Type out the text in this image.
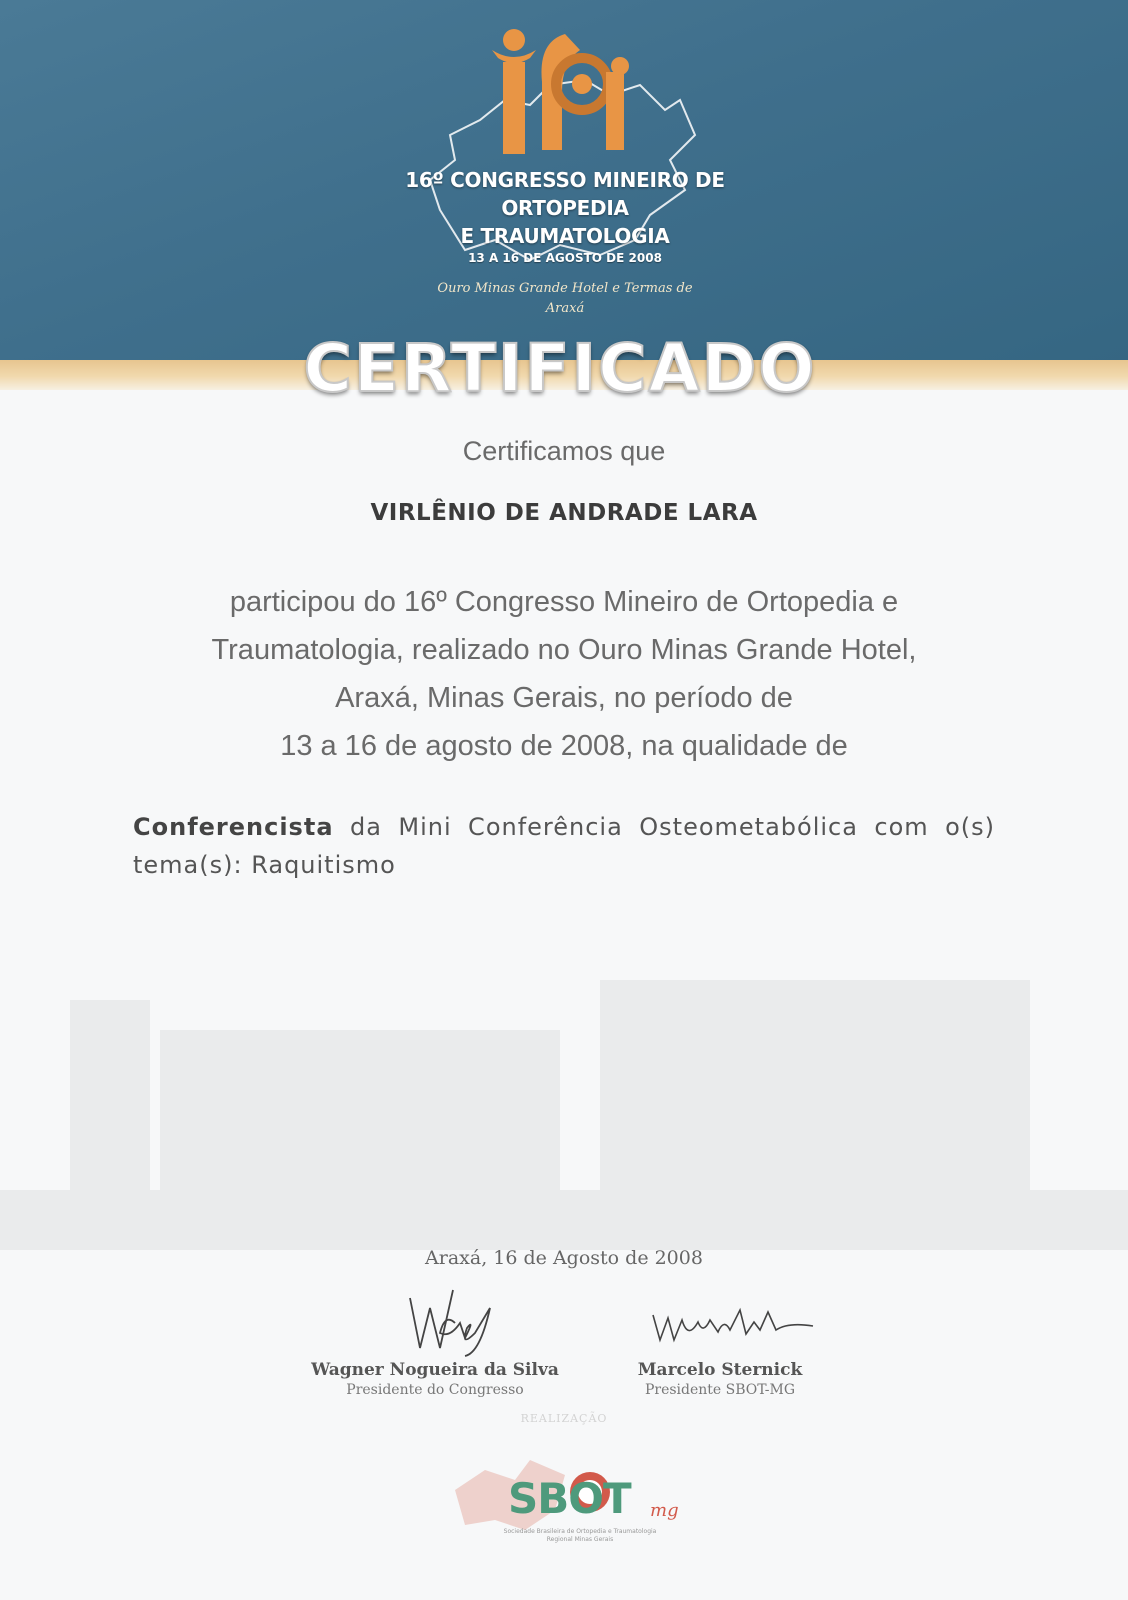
16º CONGRESSO MINEIRO DE
ORTOPEDIA
E TRAUMATOLOGIA
13 A 16 DE AGOSTO DE 2008
Ouro Minas Grande Hotel e Termas de
Araxá
CERTIFICADO
Certificamos que
VIRLÊNIO DE ANDRADE LARA
participou do 16º Congresso Mineiro de Ortopedia e
Traumatologia, realizado no Ouro Minas Grande Hotel,
Araxá, Minas Gerais, no período de
13 a 16 de agosto de 2008, na qualidade de
Conferencista da Mini Conferência Osteometabólica com o(s) tema(s): Raquitismo
Araxá, 16 de Agosto de 2008
Wagner Nogueira da Silva
Presidente do Congresso
Marcelo Sternick
Presidente SBOT-MG
REALIZAÇÃO
SBOT mg
Sociedade Brasileira de Ortopedia e Traumatologia Regional Minas Gerais
